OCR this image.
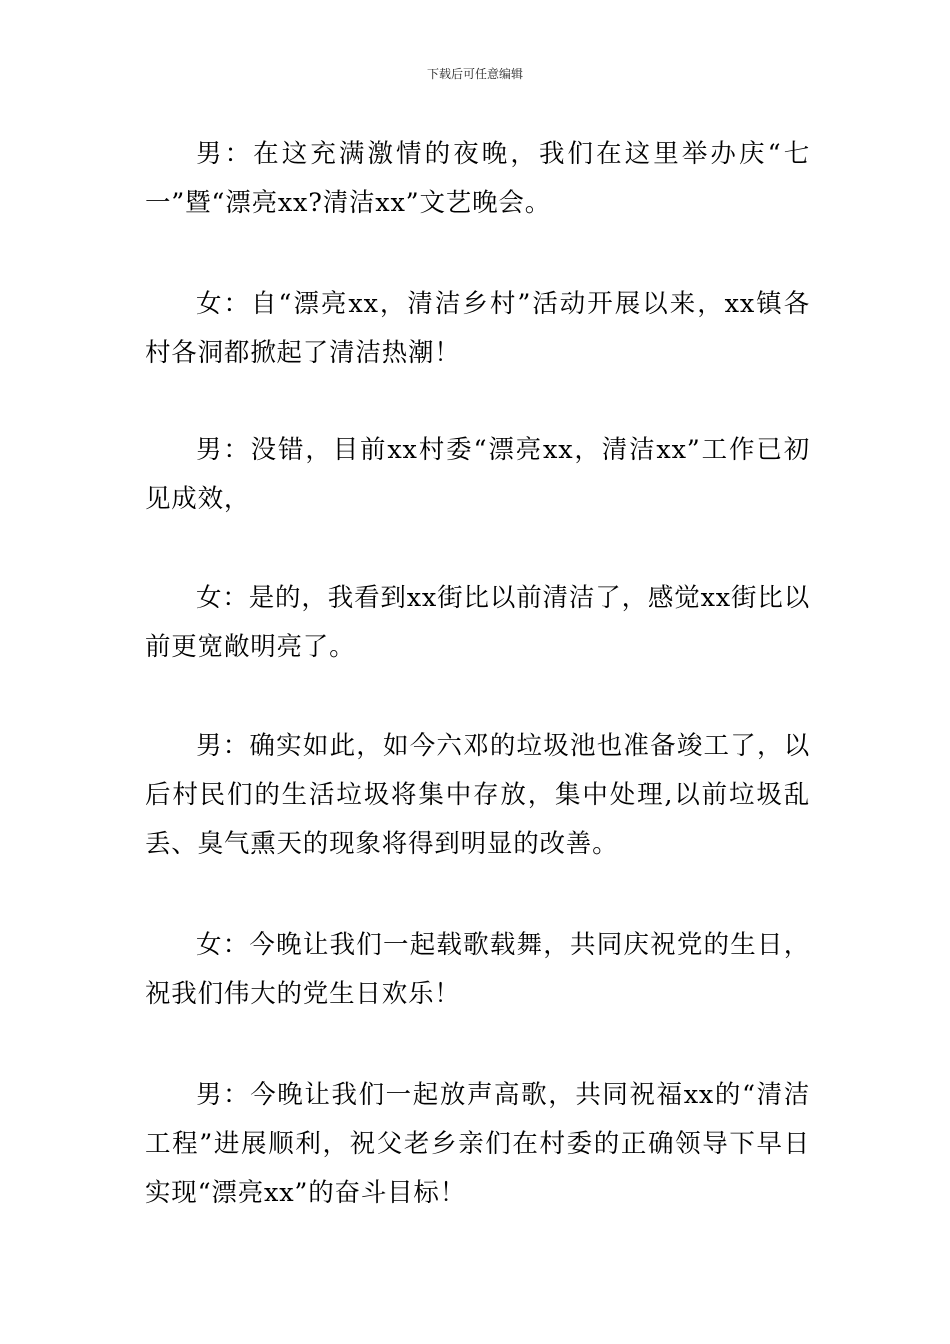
下载后可任意编辑

男：在这充满激情的夜晚，我们在这里举办庆“七一”暨“漂亮xx?清洁xx”文艺晚会。

女：自“漂亮xx，清洁乡村”活动开展以来，xx镇各村各洞都掀起了清洁热潮！

男：没错，目前xx村委“漂亮xx，清洁xx”工作已初见成效，

女：是的，我看到xx街比以前清洁了，感觉xx街比以前更宽敞明亮了。

男：确实如此，如今六邓的垃圾池也准备竣工了，以后村民们的生活垃圾将集中存放，集中处理,以前垃圾乱丢、臭气熏天的现象将得到明显的改善。

女：今晚让我们一起载歌载舞，共同庆祝党的生日，祝我们伟大的党生日欢乐！

男：今晚让我们一起放声高歌，共同祝福xx的“清洁工程”进展顺利，祝父老乡亲们在村委的正确领导下早日实现“漂亮xx”的奋斗目标！
